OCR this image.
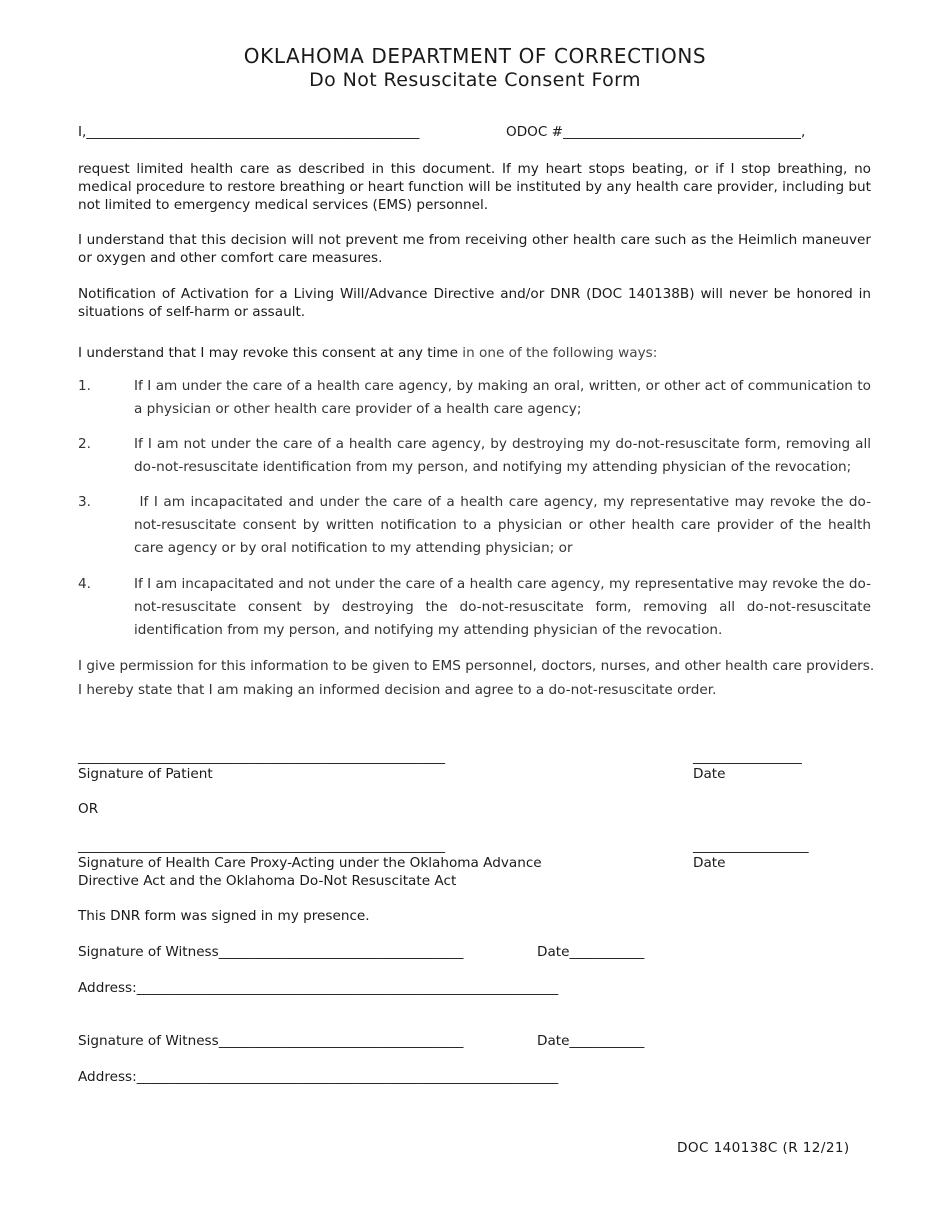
OKLAHOMA DEPARTMENT OF CORRECTIONS
Do Not Resuscitate Consent Form
I,_________________________________________________	ODOC #___________________________________,
request limited health care as described in this document. If my heart stops beating, or if I stop breathing, no medical procedure to restore breathing or heart function will be instituted by any health care provider, including but not limited to emergency medical services (EMS) personnel.
I understand that this decision will not prevent me from receiving other health care such as the Heimlich maneuver or oxygen and other comfort care measures.
Notification of Activation for a Living Will/Advance Directive and/or DNR (DOC 140138B) will never be honored in situations of self-harm or assault.
I understand that I may revoke this consent at any time in one of the following ways:
1.	If I am under the care of a health care agency, by making an oral, written, or other act of communication to a physician or other health care provider of a health care agency;
2.	If I am not under the care of a health care agency, by destroying my do-not-resuscitate form, removing all do-not-resuscitate identification from my person, and notifying my attending physician of the revocation;
3.	If I am incapacitated and under the care of a health care agency, my representative may revoke the do-not-resuscitate consent by written notification to a physician or other health care provider of the health care agency or by oral notification to my attending physician; or
4.	If I am incapacitated and not under the care of a health care agency, my representative may revoke the do-not-resuscitate consent by destroying the do-not-resuscitate form, removing all do-not-resuscitate identification from my person, and notifying my attending physician of the revocation.
I give permission for this information to be given to EMS personnel, doctors, nurses, and other health care providers.
I hereby state that I am making an informed decision and agree to a do-not-resuscitate order.
______________________________________________________
Signature of Patient
________________
Date
OR
______________________________________________________
Signature of Health Care Proxy-Acting under the Oklahoma Advance
Directive Act and the Oklahoma Do-Not Resuscitate Act
_________________
Date
This DNR form was signed in my presence.
Signature of Witness____________________________________	Date___________
Address:______________________________________________________________
Signature of Witness____________________________________	Date___________
Address:______________________________________________________________
DOC 140138C (R 12/21)
